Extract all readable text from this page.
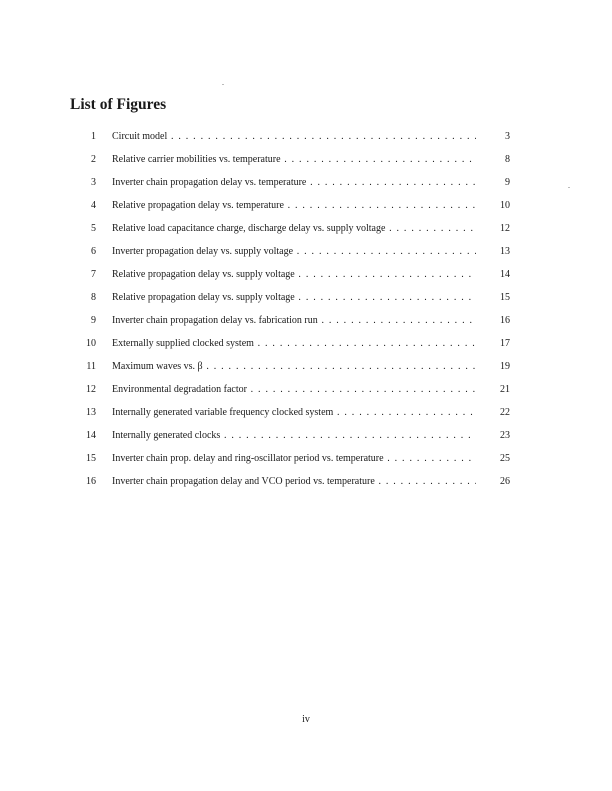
List of Figures
1 Circuit model . . .	3
2 Relative carrier mobilities vs. temperature . . .	8
3 Inverter chain propagation delay vs. temperature . . .	9
4 Relative propagation delay vs. temperature . . .	10
5 Relative load capacitance charge, discharge delay vs. supply voltage . . .	12
6 Inverter propagation delay vs. supply voltage . . .	13
7 Relative propagation delay vs. supply voltage . . .	14
8 Relative propagation delay vs. supply voltage . . .	15
9 Inverter chain propagation delay vs. fabrication run . . .	16
10 Externally supplied clocked system . . .	17
11 Maximum waves vs. β . . .	19
12 Environmental degradation factor . . .	21
13 Internally generated variable frequency clocked system . . .	22
14 Internally generated clocks . . .	23
15 Inverter chain prop. delay and ring-oscillator period vs. temperature . . .	25
16 Inverter chain propagation delay and VCO period vs. temperature . . .	26
iv
